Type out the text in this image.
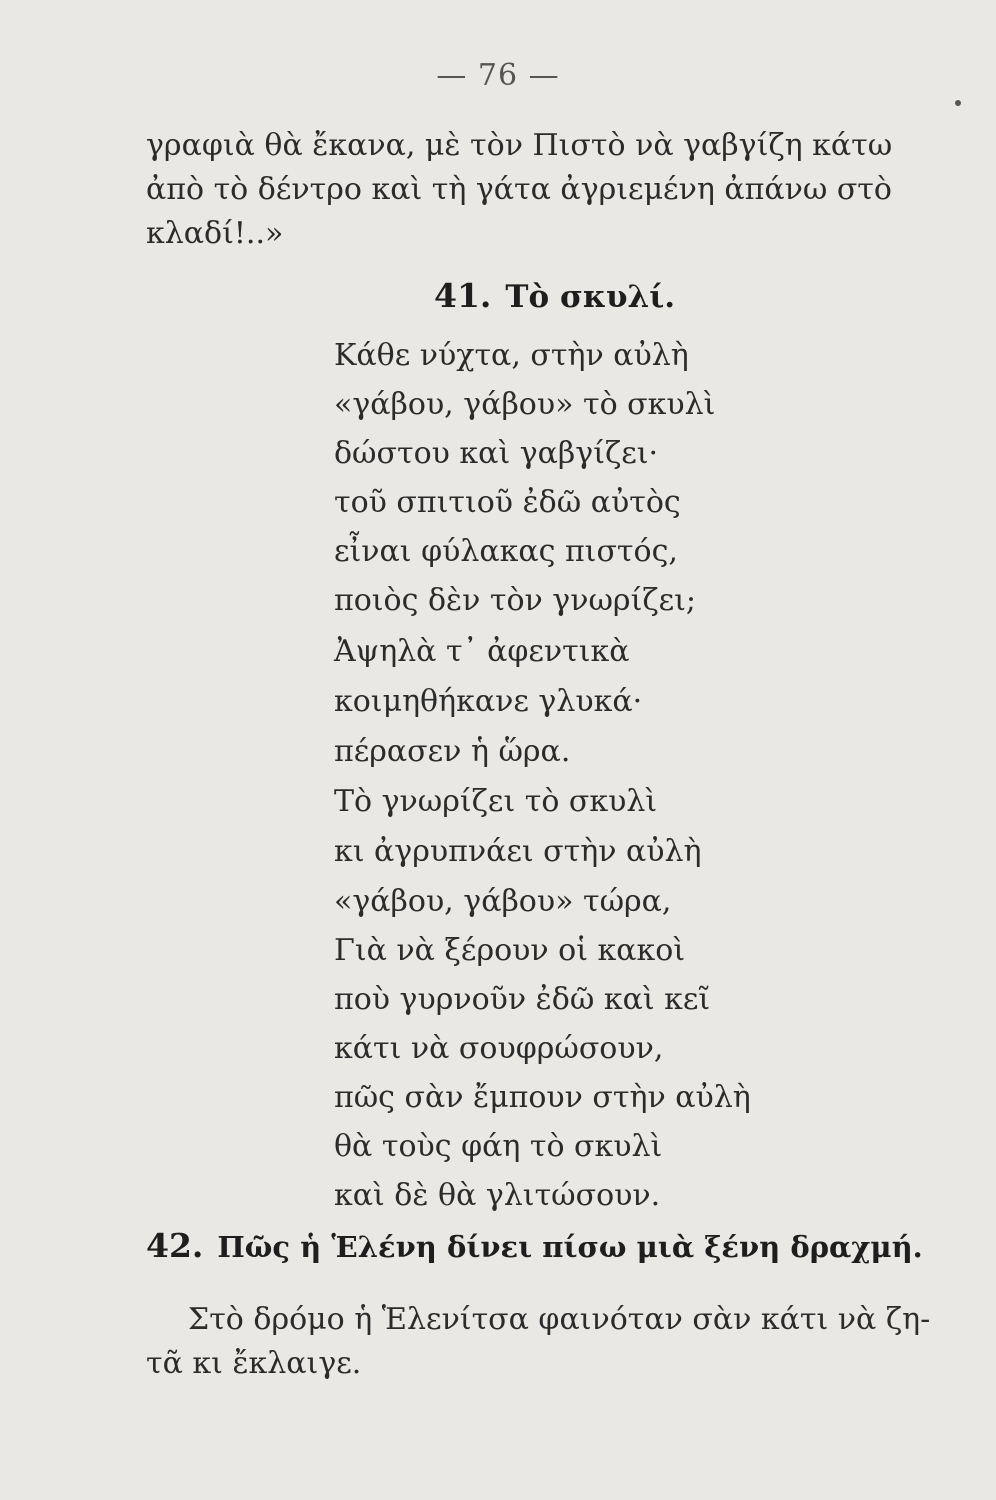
— 76 —
γραφιὰ θὰ ἔκανα, μὲ τὸν Πιστὸ νὰ γαβγίζη κάτω
ἀπὸ τὸ δέντρο καὶ τὴ γάτα ἀγριεμένη ἀπάνω στὸ
κλαδί!..»
41. Τὸ σκυλί.
Κάθε νύχτα, στὴν αὐλὴ
«γάβου, γάβου» τὸ σκυλὶ
δώστου καὶ γαβγίζει·
τοῦ σπιτιοῦ ἐδῶ αὐτὸς
εἶναι φύλακας πιστός,
ποιὸς δὲν τὸν γνωρίζει;
Ἀψηλὰ τ᾽ ἀφεντικὰ
κοιμηθήκανε γλυκά·
πέρασεν ἡ ὥρα.
Τὸ γνωρίζει τὸ σκυλὶ
κι ἀγρυπνάει στὴν αὐλὴ
«γάβου, γάβου» τώρα,
Γιὰ νὰ ξέρουν οἱ κακοὶ
ποὺ γυρνοῦν ἐδῶ καὶ κεῖ
κάτι νὰ σουφρώσουν,
πῶς σὰν ἔμπουν στὴν αὐλὴ
θὰ τοὺς φάη τὸ σκυλὶ
καὶ δὲ θὰ γλιτώσουν.
42. Πῶς ἡ Ἑλένη δίνει πίσω μιὰ ξένη δραχμή.
Στὸ δρόμο ἡ Ἑλενίτσα φαινόταν σὰν κάτι νὰ ζη-
τᾶ κι ἔκλαιγε.
